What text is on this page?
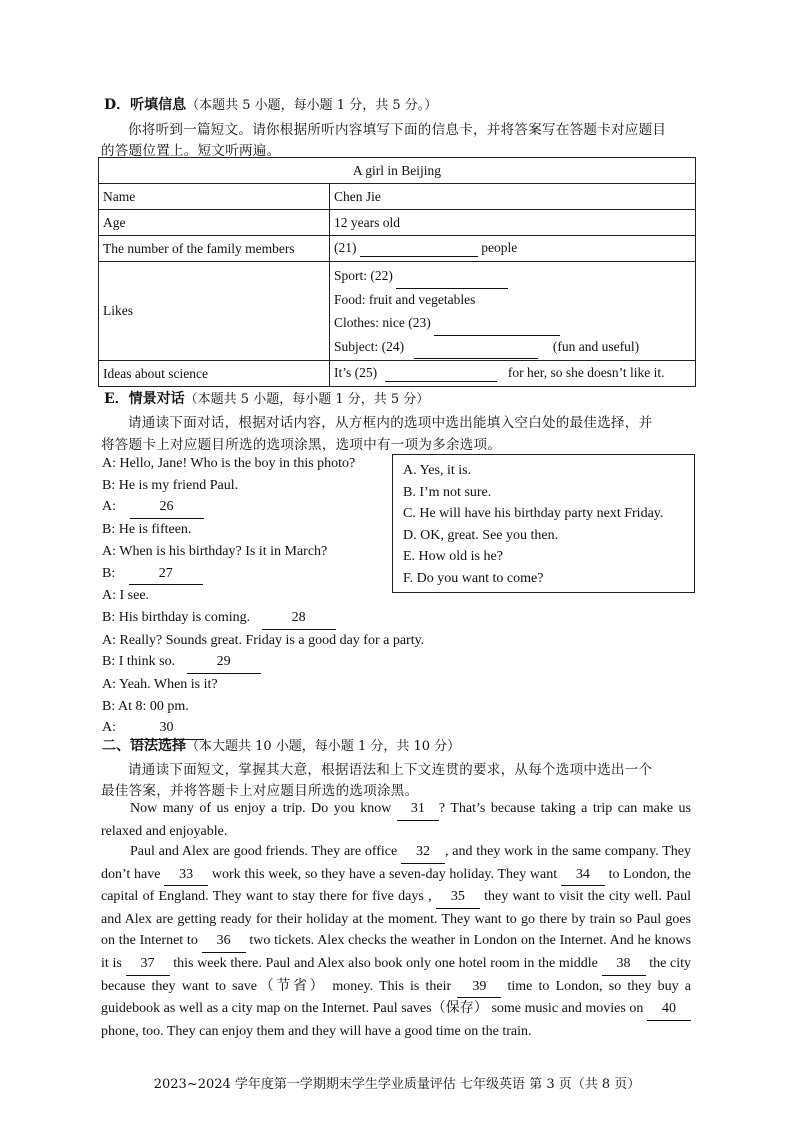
D．听填信息（本题共 5 小题，每小题 1 分，共 5 分。）
你将听到一篇短文。请你根据所听内容填写下面的信息卡，并将答案写在答题卡对应题目
的答题位置上。短文听两遍。
A girl in Beijing	
Name	Chen Jie
Age	12 years old
The number of the family members	(21) people
Likes	Sport: (22)
Food: fruit and vegetables
Clothes: nice (23)
Subject: (24) (fun and useful)

Ideas about science	It’s (25) for her, so she doesn’t like it.
E．情景对话（本题共 5 小题，每小题 1 分，共 5 分）
请通读下面对话，根据对话内容，从方框内的选项中选出能填入空白处的最佳选择，并
将答题卡上对应题目所选的选项涂黑，选项中有一项为多余选项。
A: Hello, Jane! Who is the boy in this photo?
B: He is my friend Paul.
A:	26
B: He is fifteen.
A: When is his birthday? Is it in March?
B:	27
A: I see.
B: His birthday is coming.	28
A: Really? Sounds great. Friday is a good day for a party.
B: I think so.	29
A: Yeah. When is it?
B: At 8: 00 pm.
A:	30
A. Yes, it is.
B. I’m not sure.
C. He will have his birthday party next Friday.
D. OK, great. See you then.
E. How old is he?
F. Do you want to come?
二、语法选择（本大题共 10 小题，每小题 1 分，共 10 分）
请通读下面短文，掌握其大意，根据语法和上下文连贯的要求，从每个选项中选出一个
最佳答案，并将答题卡上对应题目所选的选项涂黑。
Now many of us enjoy a trip. Do you know 31 ? That’s because taking a trip can make us relaxed and enjoyable.
Paul and Alex are good friends. They are office 32 , and they work in the same company. They don’t have 33 work this week, so they have a seven-day holiday. They want 34 to London, the capital of England. They want to stay there for five days , 35 they want to visit the city well. Paul and Alex are getting ready for their holiday at the moment. They want to go there by train so Paul goes on the Internet to 36 two tickets. Alex checks the weather in London on the Internet. And he knows it is 37 this week there. Paul and Alex also book only one hotel room in the middle 38 the city because they want to save（节省） money. This is their 39 time to London, so they buy a guidebook as well as a city map on the Internet. Paul saves（保存） some music and movies on 40 phone, too. They can enjoy them and they will have a good time on the train.
2023~2024 学年度第一学期期末学生学业质量评估 七年级英语 第 3 页（共 8 页）
